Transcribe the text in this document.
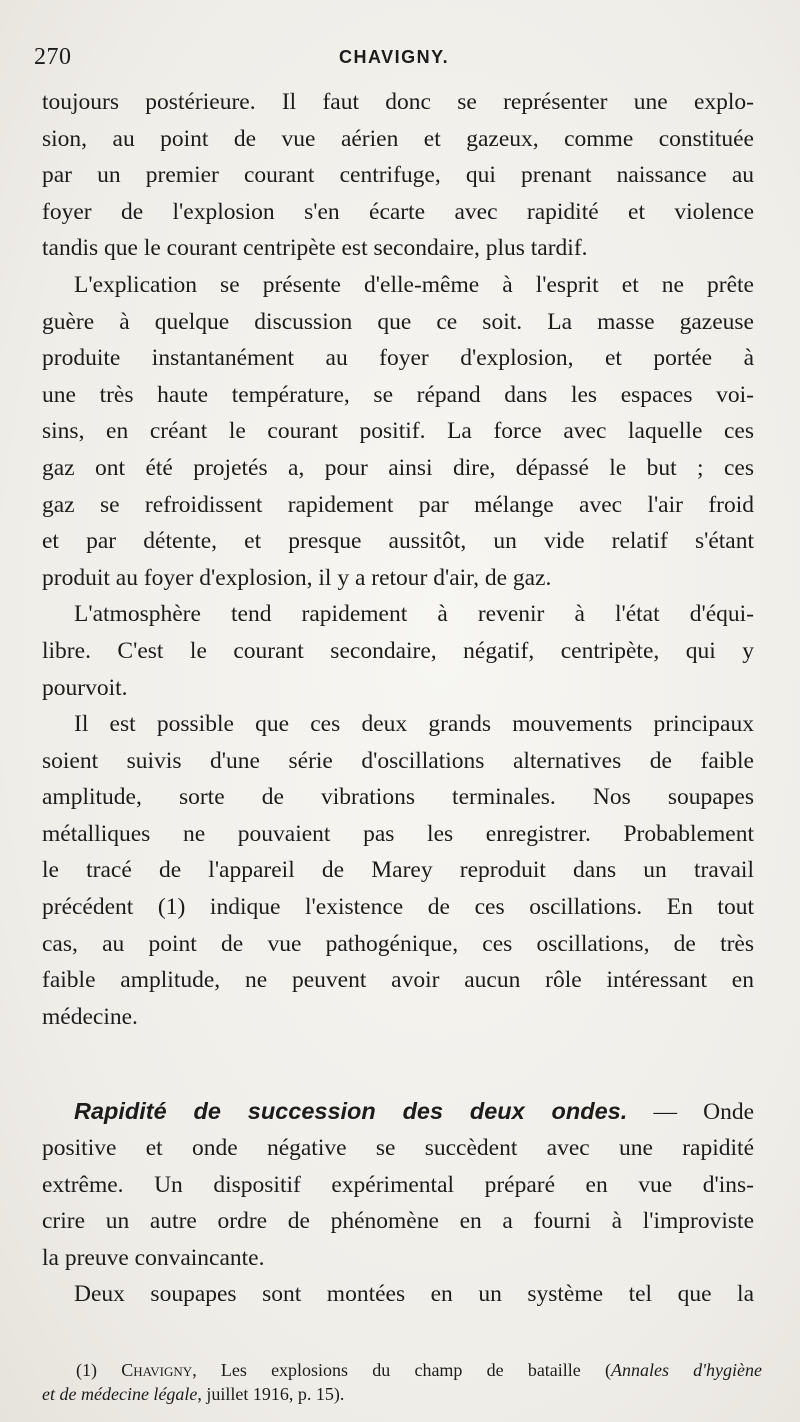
270	CHAVIGNY.
toujours postérieure. Il faut donc se représenter une explo-
sion, au point de vue aérien et gazeux, comme constituée
par un premier courant centrifuge, qui prenant naissance au
foyer de l'explosion s'en écarte avec rapidité et violence
tandis que le courant centripète est secondaire, plus tardif.
L'explication se présente d'elle-même à l'esprit et ne prête
guère à quelque discussion que ce soit. La masse gazeuse
produite instantanément au foyer d'explosion, et portée à
une très haute température, se répand dans les espaces voi-
sins, en créant le courant positif. La force avec laquelle ces
gaz ont été projetés a, pour ainsi dire, dépassé le but ; ces
gaz se refroidissent rapidement par mélange avec l'air froid
et par détente, et presque aussitôt, un vide relatif s'étant
produit au foyer d'explosion, il y a retour d'air, de gaz.
L'atmosphère tend rapidement à revenir à l'état d'équi-
libre. C'est le courant secondaire, négatif, centripète, qui y
pourvoit.
Il est possible que ces deux grands mouvements principaux
soient suivis d'une série d'oscillations alternatives de faible
amplitude, sorte de vibrations terminales. Nos soupapes
métalliques ne pouvaient pas les enregistrer. Probablement
le tracé de l'appareil de Marey reproduit dans un travail
précédent (1) indique l'existence de ces oscillations. En tout
cas, au point de vue pathogénique, ces oscillations, de très
faible amplitude, ne peuvent avoir aucun rôle intéressant en
médecine.
Rapidité de succession des deux ondes. — Onde
positive et onde négative se succèdent avec une rapidité
extrême. Un dispositif expérimental préparé en vue d'ins-
crire un autre ordre de phénomène en a fourni à l'improviste
la preuve convaincante.
Deux soupapes sont montées en un système tel que la
(1) Chavigny, Les explosions du champ de bataille (Annales d'hygiène
et de médecine légale, juillet 1916, p. 15).
